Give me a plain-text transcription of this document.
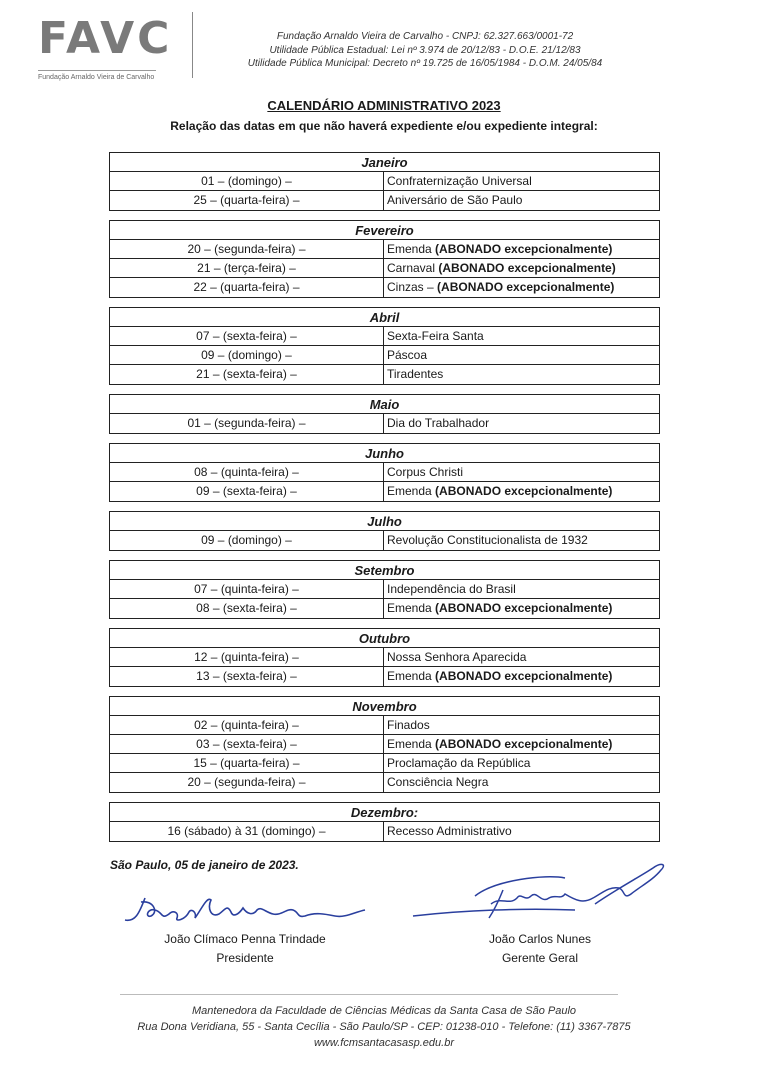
FAVC
Fundação Arnaldo Vieira de Carvalho
Fundação Arnaldo Vieira de Carvalho - CNPJ: 62.327.663/0001-72
Utilidade Pública Estadual: Lei nº 3.974 de 20/12/83 - D.O.E. 21/12/83
Utilidade Pública Municipal: Decreto nº 19.725 de 16/05/1984 - D.O.M. 24/05/84
CALENDÁRIO ADMINISTRATIVO 2023
Relação das datas em que não haverá expediente e/ou expediente integral:
Janeiro
01 – (domingo) –	Confraternização Universal
25 – (quarta-feira) –	Aniversário de São Paulo
Fevereiro
20 – (segunda-feira) –	Emenda (ABONADO excepcionalmente)
21 – (terça-feira) –	Carnaval (ABONADO excepcionalmente)
22 – (quarta-feira) –	Cinzas – (ABONADO excepcionalmente)
Abril
07 – (sexta-feira) –	Sexta-Feira Santa
09 – (domingo) –	Páscoa
21 – (sexta-feira) –	Tiradentes
Maio
01 – (segunda-feira) –	Dia do Trabalhador
Junho
08 – (quinta-feira) –	Corpus Christi
09 – (sexta-feira) –	Emenda (ABONADO excepcionalmente)
Julho
09 – (domingo) –	Revolução Constitucionalista de 1932
Setembro
07 – (quinta-feira) –	Independência do Brasil
08 – (sexta-feira) –	Emenda (ABONADO excepcionalmente)
Outubro
12 – (quinta-feira) –	Nossa Senhora Aparecida
13 – (sexta-feira) –	Emenda (ABONADO excepcionalmente)
Novembro
02 – (quinta-feira) –	Finados
03 – (sexta-feira) –	Emenda (ABONADO excepcionalmente)
15 – (quarta-feira) –	Proclamação da República
20 – (segunda-feira) –	Consciência Negra
Dezembro:
16 (sábado) à 31 (domingo) –	Recesso Administrativo
São Paulo, 05 de janeiro de 2023.
João Clímaco Penna Trindade
Presidente
João Carlos Nunes
Gerente Geral
Mantenedora da Faculdade de Ciências Médicas da Santa Casa de São Paulo
Rua Dona Veridiana, 55 - Santa Cecília - São Paulo/SP - CEP: 01238-010 - Telefone: (11) 3367-7875
www.fcmsantacasasp.edu.br
